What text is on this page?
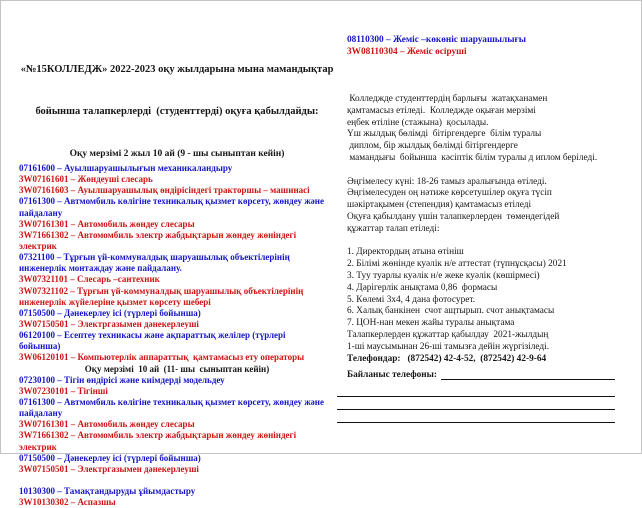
«№15КОЛЛЕДЖ» 2022-2023 оқу жылдарына мына мамандықтар

бойынша талапкерлерді  (студенттерді) оқуға қабылдайды:

Оқу мерзімі 2 жыл 10 ай (9 - шы сыныптан кейін)
07161600 – Ауылшаруашылығын механикаландыру
3W07161601 – Жөндеуші слесарь
3W07161603 – Ауылшаруашылық өндірісіндегі тракторшы – машинасі
07161300 – Автмомбиль көлігіне техникалық қызмет көрсету, жөндеу және
пайдалану
3W07161301 – Автомобиль жөндеу слесары
3W71661302 – Автомомбиль электр жабдықтарын жөндеу жөніндегі
электрик
07321100 – Тұрғын үй-коммуналдық шаруашылық объектілерінің
инженерлік монтаждау және пайдалану.
3W07321101 – Слесарь –сантехник
3W07321102 – Тұрғын үй-коммуналдық шаруашылық объектілерінің
инженерлік жүйелеріне қызмет көрсету шебері
07150500 – Дәнекерлеу ісі (түрлері бойынша)
3W07150501 – Электргазымен дәнекерлеуші
06120100 – Есептеу техникасы және ақпараттық желілер (түрлері
бойынша)
3W06120101 – Компьютерлік аппараттық  қамтамасыз ету операторы
Оқу мерзімі  10 ай  (11- шы  сыныптан кейін)
07230100 – Тігін өндірісі және киімдерді модельдеу
3W07230101 – Тігінші
07161300 – Автмомбиль көлігіне техникалық қызмет көрсету, жөндеу және
пайдалану
3W07161301 – Автомобиль жөндеу слесары
3W71661302 – Автомомбиль электр жабдықтарын жөндеу жөніндегі
электрик
07150500 – Дәнекерлеу ісі (түрлері бойынша)
3W07150501 – Электргазымен дәнекерлеуші

10130300 – Тамақтандыруды ұйымдастыру
3W10130302 – Аспазшы
08110300 – Жеміс –көкөніс шаруашылығы
3W08110304 – Жеміс өсіруші

Колледжде студенттердің барлығы  жатақханамен
қамтамасыз етіледі.  Колледжде оқыған мерзімі
еңбек өтіліне (стажына)  қосылады.
Үш жылдық бөлімді  бітіргендерге  білім туралы
диплом, бір жылдық бөлімді бітіргендерге
мамандығы  бойынша  кәсіптік білім туралы д иплом беріледі.

Әңгімелесу күні: 18-26 тамыз аралығында өтіледі.
Әңгімелесуден оң нәтиже көрсетушілер оқуға түсіп
шәкіртақымен (степендия) қамтамасыз етіледі
Оқуға қабылдану үшін талапкерлерден  төмендегідей
құжаттар талап етіледі:

1. Директордың атына өтініш
2. Білімі жөнінде куәлік н/е аттестат (түпнұсқасы) 2021
3. Туу туарлы куәлік н/е жеке куәлік (көшірмесі)
4. Дәрігерлік анықтама 0,86  формасы
5. Көлемі 3х4, 4 дана фотосурет.
6. Халық банкінен  счот ащтырып. счот анықтамасы
7. ЦОН-нан мекен жайы туралы анықтама
Талапкерлерден құжаттар қабылдау  2021-жылдың
1-ші маусымынан 26-ші тамызға дейін жүргізіледі.
Телефондар:   (872542) 42-4-52,  (872542) 42-9-64
Байланыс телефоны:
